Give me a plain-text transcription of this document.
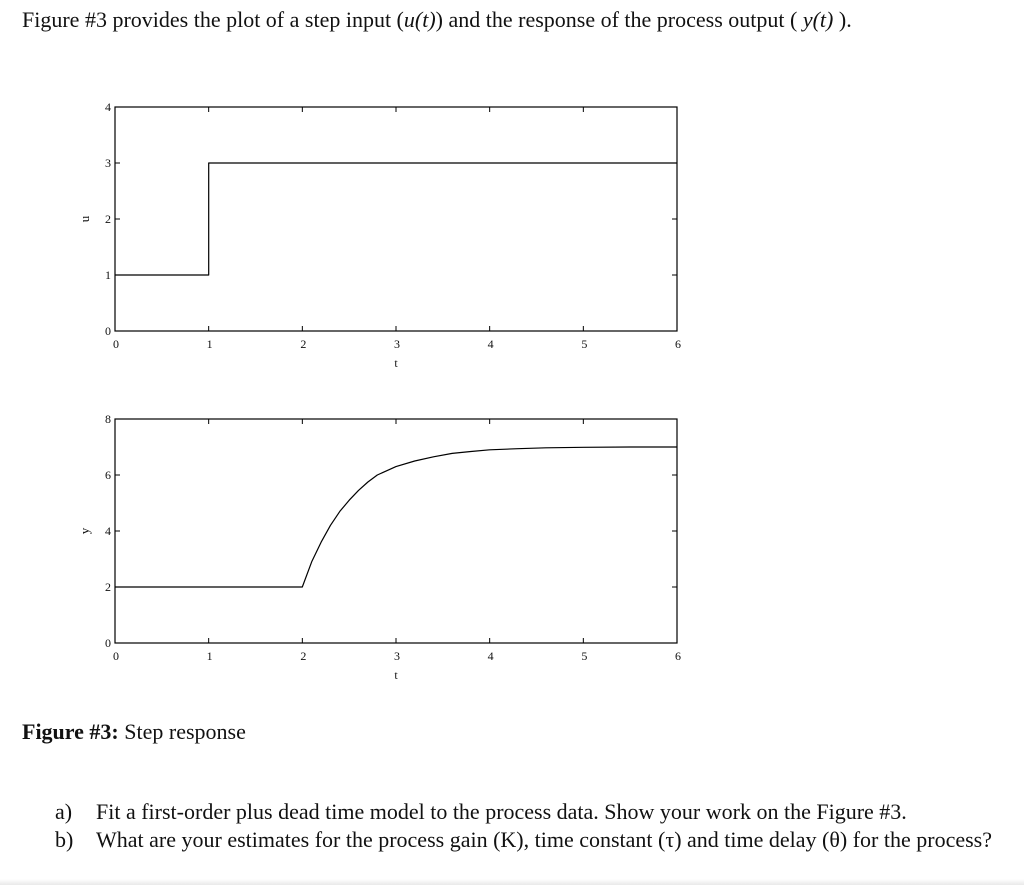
Figure #3 provides the plot of a step input (u(t)) and the response of the process output ( y(t) ).
0	1	2	3	4	5	6
0
1
2
3
4
t
u
0	1	2	3	4	5	6
0
2
4
6
8
t
y
Figure #3: Step response
a) Fit a first-order plus dead time model to the process data. Show your work on the Figure #3.
b) What are your estimates for the process gain (K), time constant (τ) and time delay (θ) for the process?
